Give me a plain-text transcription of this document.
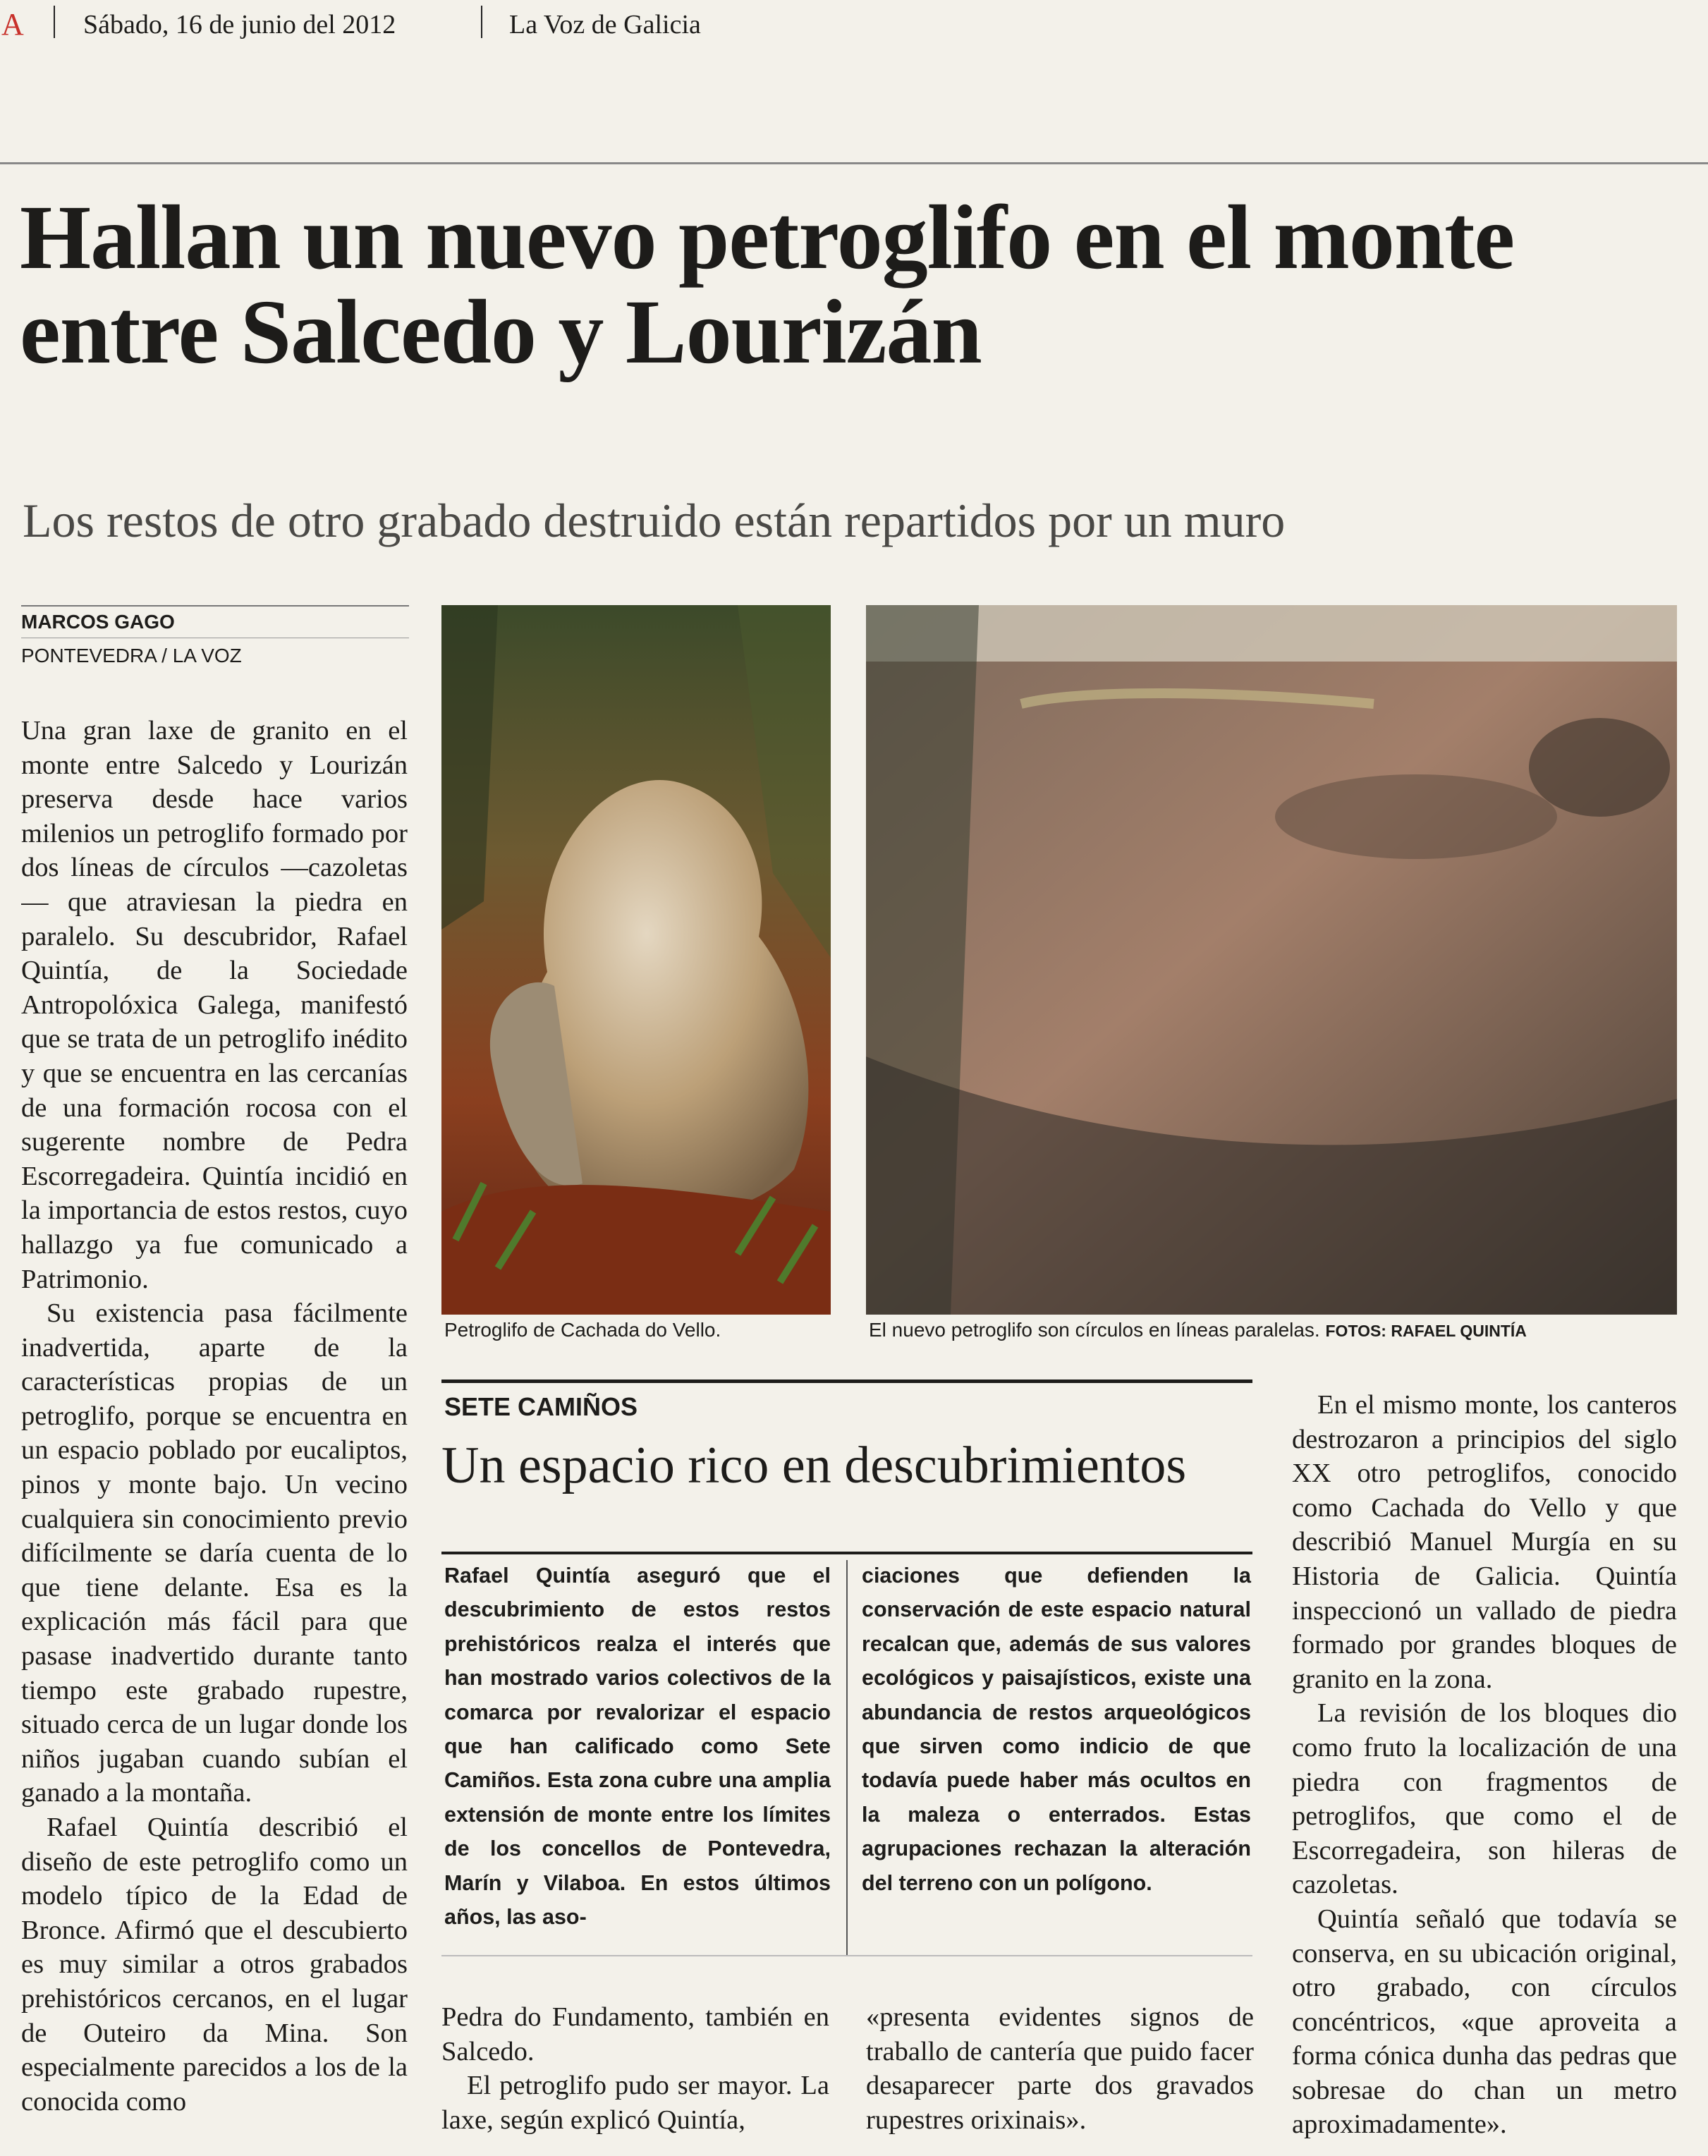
A Sábado, 16 de junio del 2012	La Voz de Galicia
Hallan un nuevo petroglifo en el monte entre Salcedo y Lourizán

Los restos de otro grabado destruido están repartidos por un muro

MARCOS GAGO
PONTEVEDRA / LA VOZ

Una gran laxe de granito en el monte entre Salcedo y Lourizán preserva desde hace varios milenios un petroglifo formado por dos líneas de círculos —cazoletas— que atraviesan la piedra en paralelo. Su descubridor, Rafael Quintía, de la Sociedade Antropolóxica Galega, manifestó que se trata de un petroglifo inédito y que se encuentra en las cercanías de una formación rocosa con el sugerente nombre de Pedra Escorregadeira. Quintía incidió en la importancia de estos restos, cuyo hallazgo ya fue comunicado a Patrimonio.

Su existencia pasa fácilmente inadvertida, aparte de la características propias de un petroglifo, porque se encuentra en un espacio poblado por eucaliptos, pinos y monte bajo. Un vecino cualquiera sin conocimiento previo difícilmente se daría cuenta de lo que tiene delante. Esa es la explicación más fácil para que pasase inadvertido durante tanto tiempo este grabado rupestre, situado cerca de un lugar donde los niños jugaban cuando subían el ganado a la montaña.

Rafael Quintía describió el diseño de este petroglifo como un modelo típico de la Edad de Bronce. Afirmó que el descubierto es muy similar a otros grabados prehistóricos cercanos, en el lugar de Outeiro da Mina. Son especialmente parecidos a los de la conocida como

Petroglifo de Cachada do Vello.	El nuevo petroglifo son círculos en líneas paralelas. FOTOS: RAFAEL QUINTÍA
SETE CAMIÑOS
Un espacio rico en descubrimientos
Rafael Quintía aseguró que el descubrimiento de estos restos prehistóricos realza el interés que han mostrado varios colectivos de la comarca por revalorizar el espacio que han calificado como Sete Camiños. Esta zona cubre una amplia extensión de monte entre los límites de los concellos de Pontevedra, Marín y Vilaboa. En estos últimos años, las aso-
ciaciones que defienden la conservación de este espacio natural recalcan que, además de sus valores ecológicos y paisajísticos, existe una abundancia de restos arqueológicos que sirven como indicio de que todavía puede haber más ocultos en la maleza o enterrados. Estas agrupaciones rechazan la alteración del terreno con un polígono.

Pedra do Fundamento, también en Salcedo.

El petroglifo pudo ser mayor. La laxe, según explicó Quintía,

«presenta evidentes signos de traballo de cantería que puido facer desaparecer parte dos gravados rupestres orixinais».

En el mismo monte, los canteros destrozaron a principios del siglo XX otro petroglifos, conocido como Cachada do Vello y que describió Manuel Murgía en su Historia de Galicia. Quintía inspeccionó un vallado de piedra formado por grandes bloques de granito en la zona.

La revisión de los bloques dio como fruto la localización de una piedra con fragmentos de petroglifos, que como el de Escorregadeira, son hileras de cazoletas.

Quintía señaló que todavía se conserva, en su ubicación original, otro grabado, con círculos concéntricos, «que aproveita a forma cónica dunha das pedras que sobresae do chan un metro aproximadamente».
